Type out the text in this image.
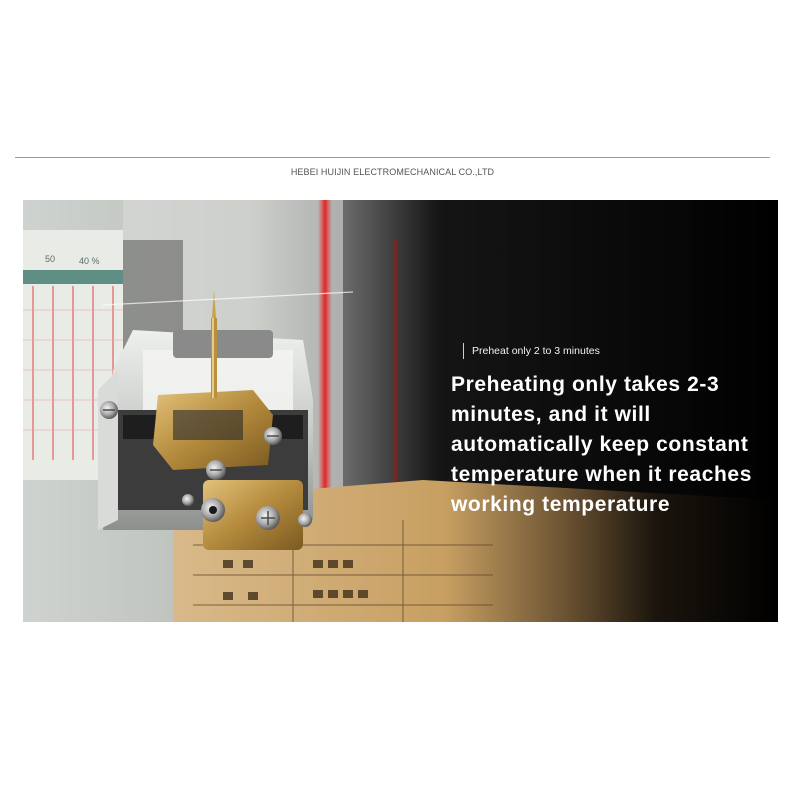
HEBEI HUIJIN ELECTROMECHANICAL CO.,LTD
50	40 %
Preheat only 2 to 3 minutes
Preheating only takes 2-3 minutes, and it will automatically keep constant temperature when it reaches working temperature
